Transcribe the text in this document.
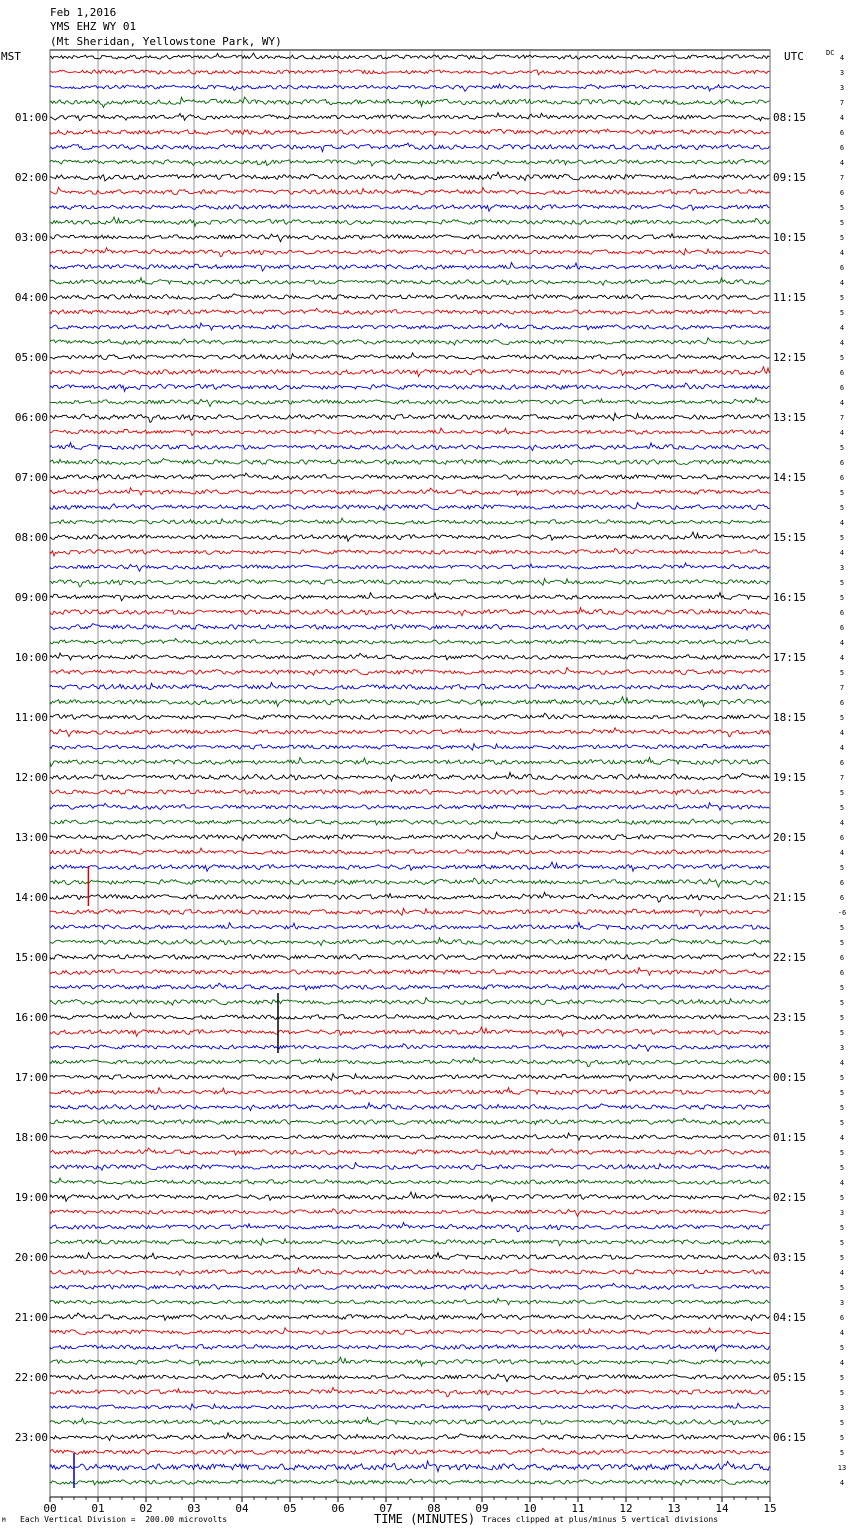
Feb 1,2016
YMS EHZ WY 01
(Mt Sheridan, Yellowstone Park, WY)
MST	UTC	DC
00	01	02	03	04	05	06	07	08	09	10	11	12	13	14	15
4
3
3
7
4
6
6
4
7
6
5
5
5
4
6
4
5
5
4
4
5
6
6
4
7
4
5
6
6
5
5
4
5
4
3
5
5
6
6
4
4
5
7
6
5
4
4
6
7
5
5
4
6
4
5
6
6
-6
5
5
6
6
5
5
5
5
3
4
5
5
5
5
4
5
5
4
5
3
5
5
5
4
5
3
6
4
5
4
5
5
3
5
5
5
13
4
01:00	08:15
02:00	09:15
03:00	10:15
04:00	11:15
05:00	12:15
06:00	13:15
07:00	14:15
08:00	15:15
09:00	16:15
10:00	17:15
11:00	18:15
12:00	19:15
13:00	20:15
14:00	21:15
15:00	22:15
16:00	23:15
17:00	00:15
18:00	01:15
19:00	02:15
20:00	03:15
21:00	04:15
22:00	05:15
23:00	06:15
Each Vertical Division =  200.00 microvolts	TIME (MINUTES) Traces clipped at plus/minus 5 vertical divisions
M
